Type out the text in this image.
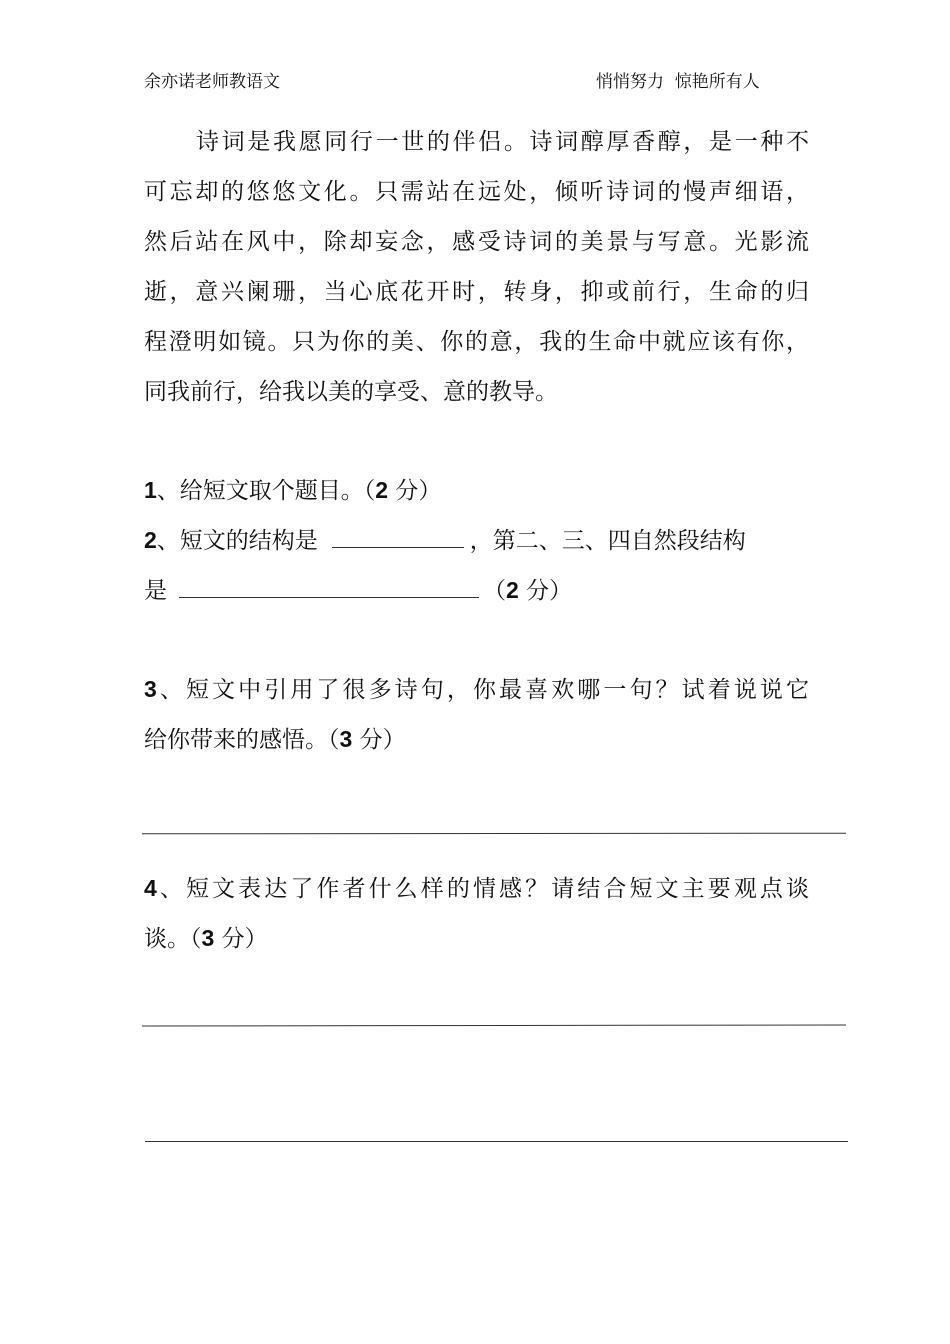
余亦诺老师教语文	悄悄努力  惊艳所有人
诗词是我愿同行一世的伴侣。诗词醇厚香醇，是一种不
可忘却的悠悠文化。只需站在远处，倾听诗词的慢声细语，
然后站在风中，除却妄念，感受诗词的美景与写意。光影流
逝，意兴阑珊，当心底花开时，转身，抑或前行，生命的归
程澄明如镜。只为你的美、你的意，我的生命中就应该有你，
同我前行，给我以美的享受、意的教导。
1、给短文取个题目。（2 分）
2、短文的结构是	，第二、三、四自然段结构
是	（2 分）
3、短文中引用了很多诗句，你最喜欢哪一句？试着说说它
给你带来的感悟。（3 分）
4、短文表达了作者什么样的情感？请结合短文主要观点谈
谈。（3 分）
